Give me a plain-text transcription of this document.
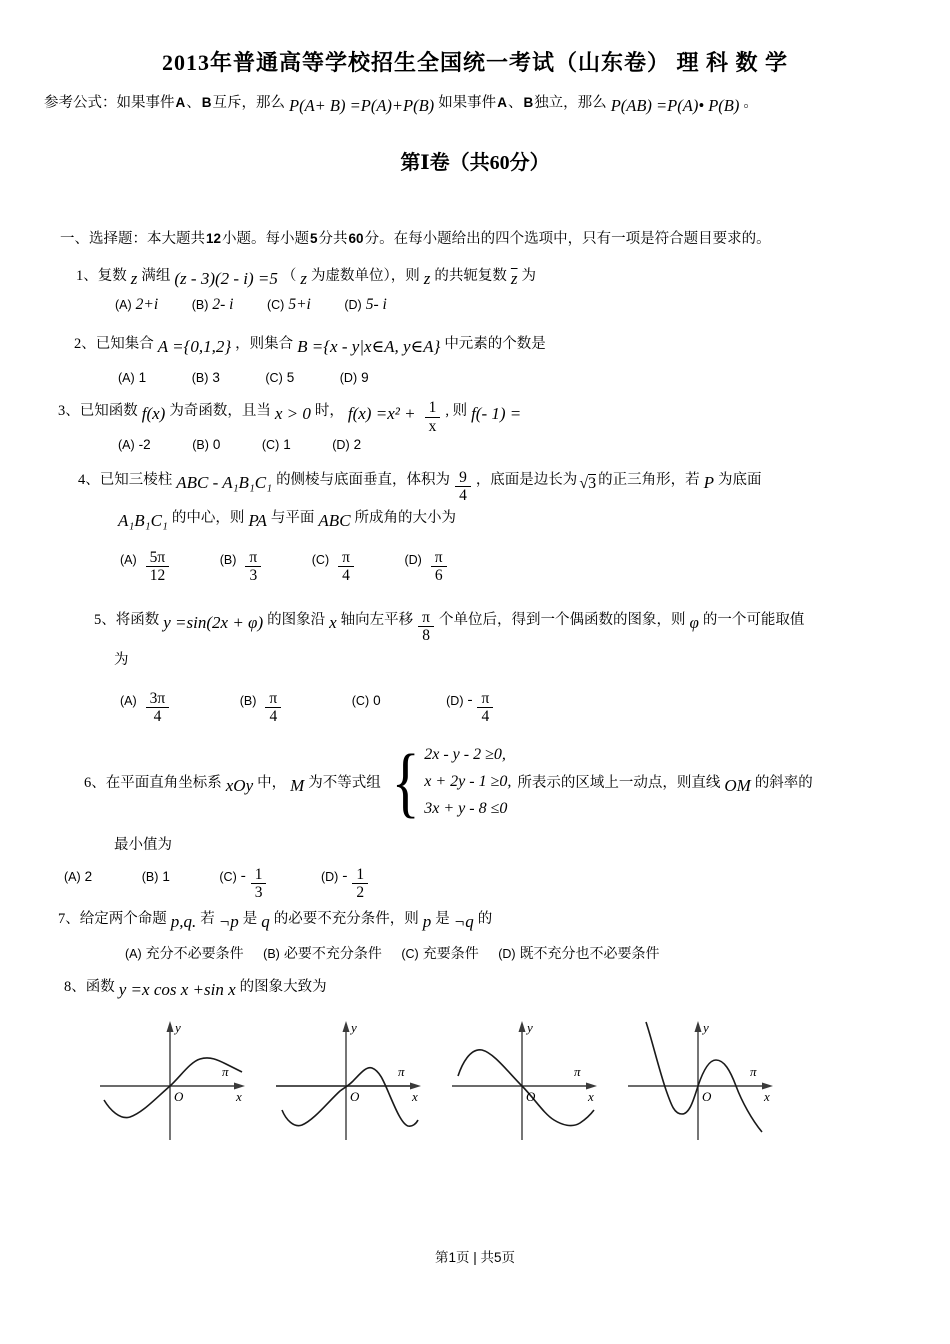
2013年普通高等学校招生全国统一考试（山东卷） 理 科 数 学

参考公式：如果事件A、B互斥，那么 P(A+ B) =P(A)+P(B) 如果事件A、B独立，那么 P(AB) =P(A)• P(B) 。

第Ⅰ卷（共60分）

一、选择题：本大题共12小题。每小题5分共60分。在每小题给出的四个选项中，只有一项是符合题目要求的。

1、复数 z 满组 (z - 3)(2 - i) =5 （ z 为虚数单位），则 z 的共轭复数 $\overline{z}$ 为

(A) 2+i	(B) 2- i	(C) 5+i	(D) 5- i

2、已知集合 A ={0,1,2} ，则集合 B ={x - y|x∈A, y∈A} 中元素的个数是

(A) 1	(B) 3	(C) 5	(D) 9

3、已知函数 f(x) 为奇函数，且当 x > 0 时， $f(x) =x^2 + \frac{1}{x}$ , 则 f(- 1) =

(A) -2	(B) 0	(C) 1	(D) 2

4、已知三棱柱 ABC - A₁B₁C₁ 的侧棱与底面垂直，体积为 $\frac{9}{4}$ ，底面是边长为 √3 的正三角形，若 P 为底面

A₁B₁C₁ 的中心，则 PA 与平面 ABC 所成角的大小为

$(A) \frac{5\pi}{12}$	$(B) \frac{\pi}{3}$	$(C) \frac{\pi}{4}$	$(D) \frac{\pi}{6}$

5、将函数 y =sin(2x + φ) 的图象沿 x 轴向左平移 $\frac{\pi}{8}$ 个单位后，得到一个偶函数的图象，则 φ 的一个可能取值

为

$(A) \frac{3\pi}{4}$	$(B) \frac{\pi}{4}$	(C) 0	$(D) - \frac{\pi}{4}$

6、在平面直角坐标系 xOy 中， M 为不等式组 { 2x - y - 2 ≥0,
x + 2y - 1 ≥0,
3x + y - 8 ≤0
所表示的区域上一动点，则直线 OM 的斜率的

最小值为

(A) 2	(B) 1	$(C) - \frac{1}{3}$	$(D) - \frac{1}{2}$

7、给定两个命题 p,q. 若 ¬p 是 q 的必要不充分条件，则 p 是 ¬q 的

(A) 充分不必要条件 (B) 必要不充分条件 (C) 充要条件 (D) 既不充分也不必要条件

8、函数 y =x cos x +sin x 的图象大致为

y
x
O
π
y
x
O
π
y
x
O
π
y
x
O
π
第1页 | 共5页
